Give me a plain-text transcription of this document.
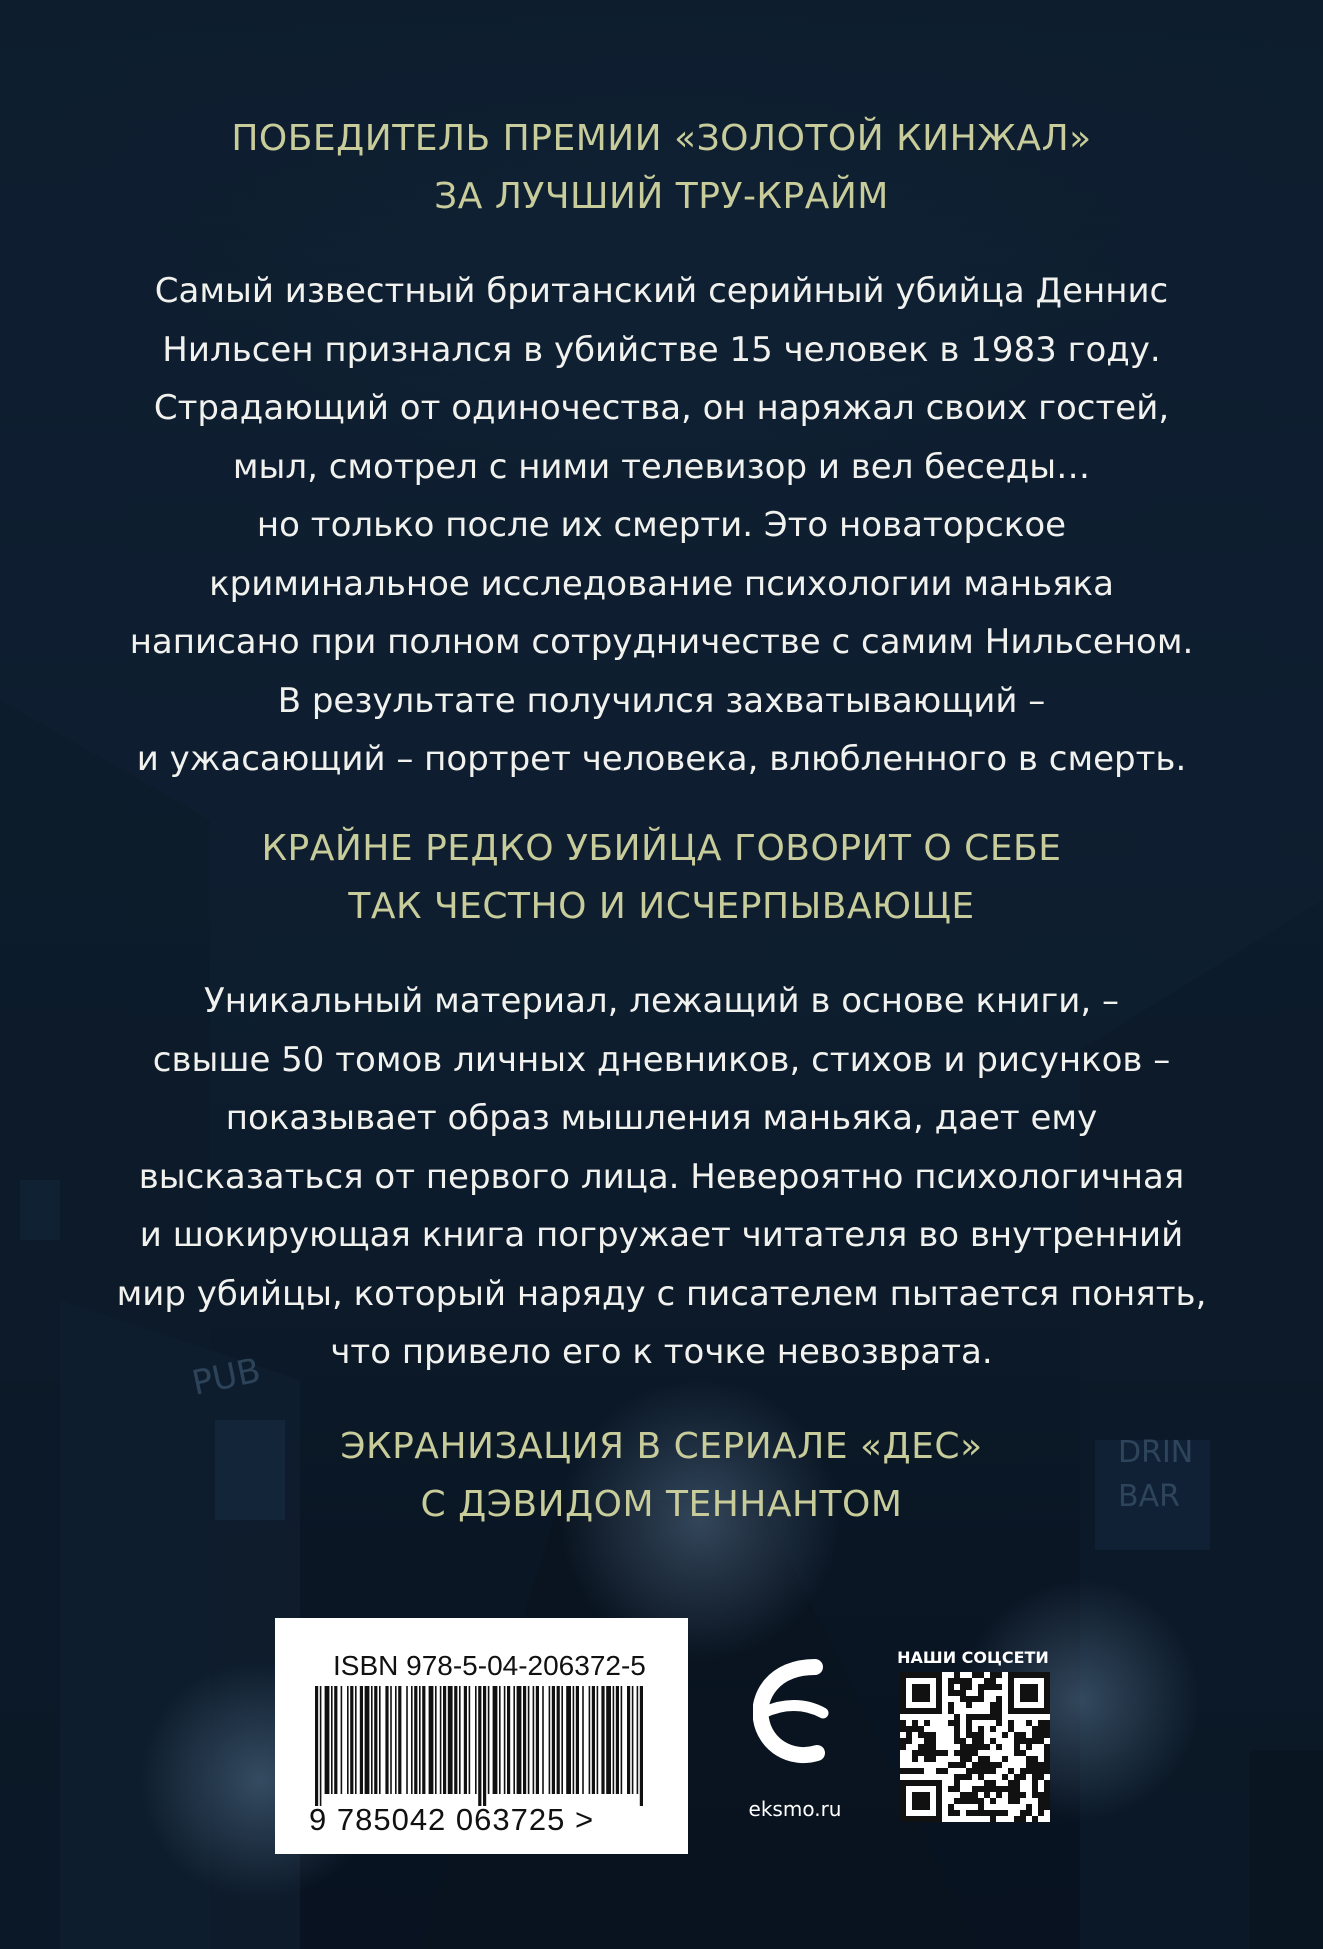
PUB
DRIN
BAR
ПОБЕДИТЕЛЬ ПРЕМИИ «ЗОЛОТОЙ КИНЖАЛ»
ЗА ЛУЧШИЙ ТРУ-КРАЙМ
Самый известный британский серийный убийца Деннис
Нильсен признался в убийстве 15 человек в 1983 году.
Страдающий от одиночества, он наряжал своих гостей,
мыл, смотрел с ними телевизор и вел беседы…
но только после их смерти. Это новаторское
криминальное исследование психологии маньяка
написано при полном сотрудничестве с самим Нильсеном.
В результате получился захватывающий –
и ужасающий – портрет человека, влюбленного в смерть.
КРАЙНЕ РЕДКО УБИЙЦА ГОВОРИТ О СЕБЕ
ТАК ЧЕСТНО И ИСЧЕРПЫВАЮЩЕ
Уникальный материал, лежащий в основе книги, –
свыше 50 томов личных дневников, стихов и рисунков –
показывает образ мышления маньяка, дает ему
высказаться от первого лица. Невероятно психологичная
и шокирующая книга погружает читателя во внутренний
мир убийцы, который наряду с писателем пытается понять,
что привело его к точке невозврата.
ЭКРАНИЗАЦИЯ В СЕРИАЛЕ «ДЕС»
С ДЭВИДОМ ТЕННАНТОМ
ISBN 978-5-04-206372-5
9 785042 063725 >	eksmo.ru
НАШИ СОЦСЕТИ
